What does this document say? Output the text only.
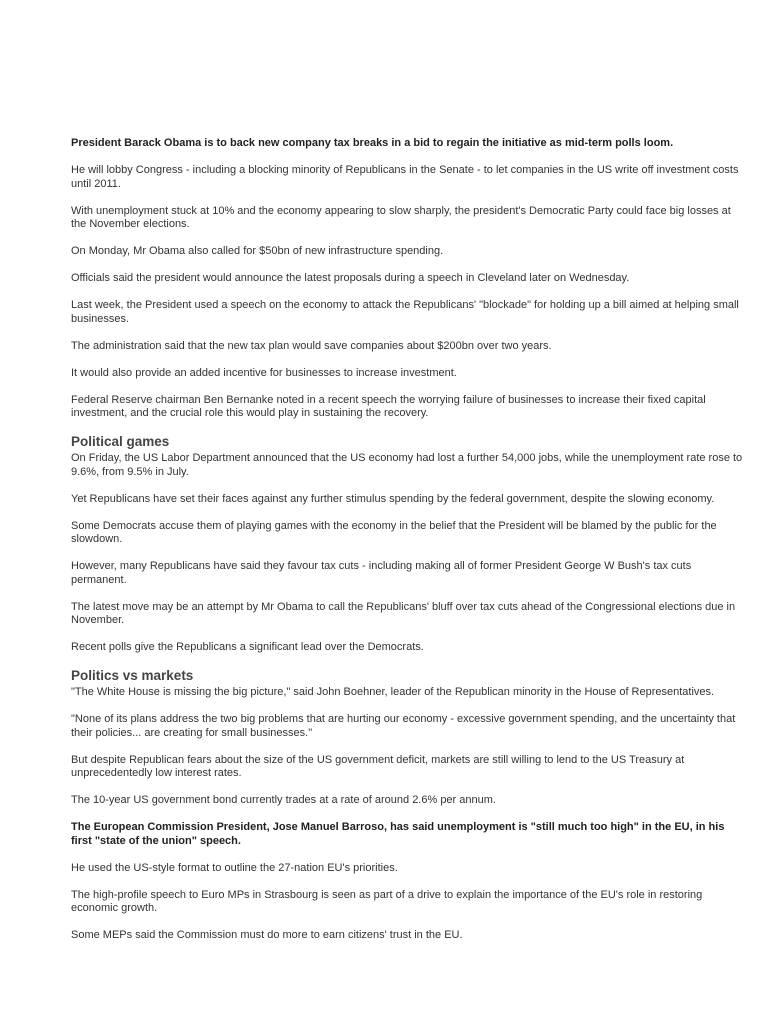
President Barack Obama is to back new company tax breaks in a bid to regain the initiative as mid-term polls loom.

He will lobby Congress - including a blocking minority of Republicans in the Senate - to let companies in the US write off investment costs until 2011.

With unemployment stuck at 10% and the economy appearing to slow sharply, the president's Democratic Party could face big losses at the November elections.

On Monday, Mr Obama also called for $50bn of new infrastructure spending.

Officials said the president would announce the latest proposals during a speech in Cleveland later on Wednesday.

Last week, the President used a speech on the economy to attack the Republicans' "blockade" for holding up a bill aimed at helping small businesses.

The administration said that the new tax plan would save companies about $200bn over two years.

It would also provide an added incentive for businesses to increase investment.

Federal Reserve chairman Ben Bernanke noted in a recent speech the worrying failure of businesses to increase their fixed capital investment, and the crucial role this would play in sustaining the recovery.

Political games

On Friday, the US Labor Department announced that the US economy had lost a further 54,000 jobs, while the unemployment rate rose to 9.6%, from 9.5% in July.

Yet Republicans have set their faces against any further stimulus spending by the federal government, despite the slowing economy.

Some Democrats accuse them of playing games with the economy in the belief that the President will be blamed by the public for the slowdown.

However, many Republicans have said they favour tax cuts - including making all of former President George W Bush's tax cuts permanent.

The latest move may be an attempt by Mr Obama to call the Republicans' bluff over tax cuts ahead of the Congressional elections due in November.

Recent polls give the Republicans a significant lead over the Democrats.

Politics vs markets

"The White House is missing the big picture," said John Boehner, leader of the Republican minority in the House of Representatives.

"None of its plans address the two big problems that are hurting our economy - excessive government spending, and the uncertainty that their policies... are creating for small businesses."

But despite Republican fears about the size of the US government deficit, markets are still willing to lend to the US Treasury at unprecedentedly low interest rates.

The 10-year US government bond currently trades at a rate of around 2.6% per annum.

The European Commission President, Jose Manuel Barroso, has said unemployment is "still much too high" in the EU, in his first "state of the union" speech.

He used the US-style format to outline the 27-nation EU's priorities.

The high-profile speech to Euro MPs in Strasbourg is seen as part of a drive to explain the importance of the EU's role in restoring economic growth.

Some MEPs said the Commission must do more to earn citizens' trust in the EU.
